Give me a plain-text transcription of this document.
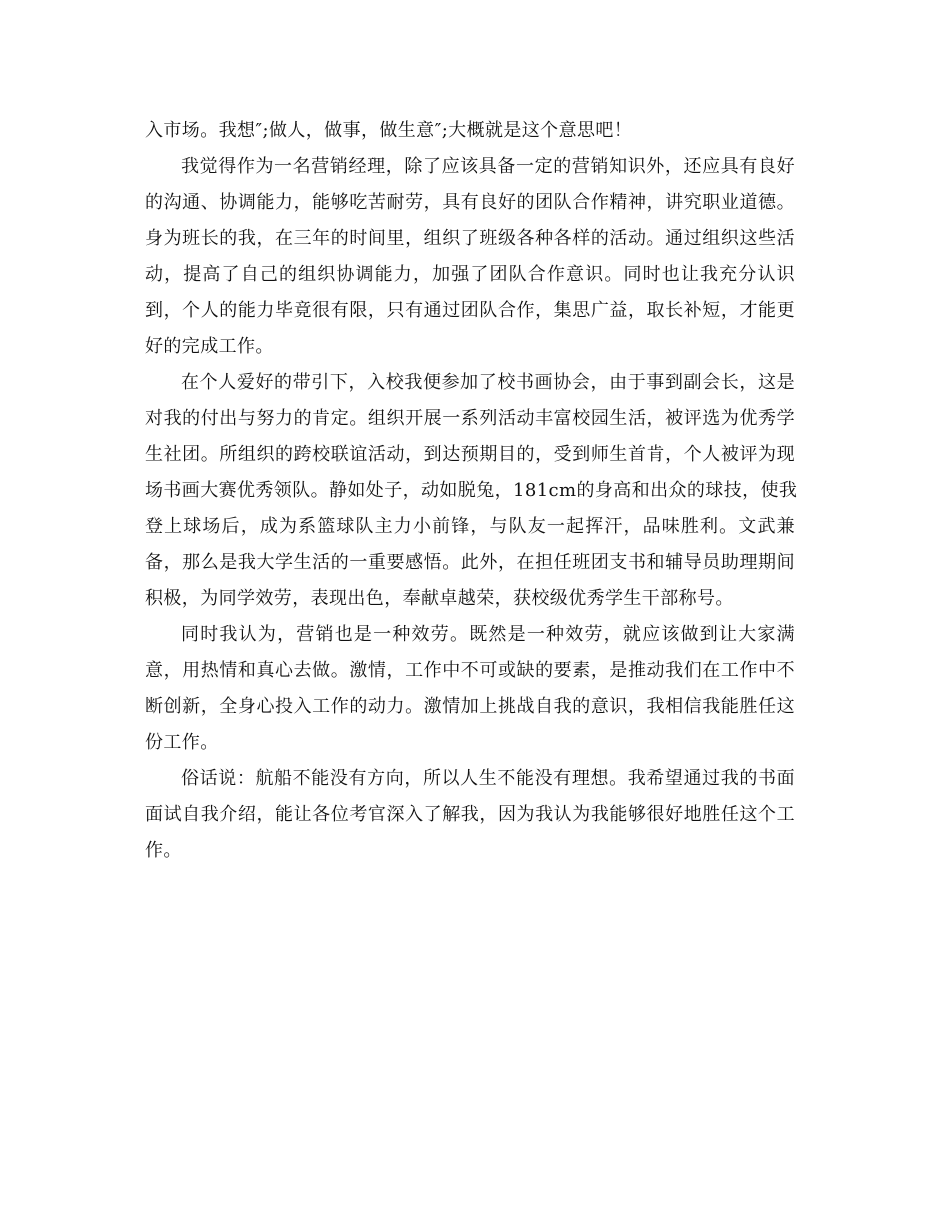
入市场。我想″;做人，做事，做生意″;大概就是这个意思吧！
我觉得作为一名营销经理，除了应该具备一定的营销知识外，还应具有良好
的沟通、协调能力，能够吃苦耐劳，具有良好的团队合作精神，讲究职业道德。
身为班长的我，在三年的时间里，组织了班级各种各样的活动。通过组织这些活
动，提高了自己的组织协调能力，加强了团队合作意识。同时也让我充分认识
到，个人的能力毕竟很有限，只有通过团队合作，集思广益，取长补短，才能更
好的完成工作。
在个人爱好的带引下，入校我便参加了校书画协会，由于事到副会长，这是
对我的付出与努力的肯定。组织开展一系列活动丰富校园生活，被评选为优秀学
生社团。所组织的跨校联谊活动，到达预期目的，受到师生首肯，个人被评为现
场书画大赛优秀领队。静如处子，动如脱兔，181cm的身高和出众的球技，使我
登上球场后，成为系篮球队主力小前锋，与队友一起挥汗，品味胜利。文武兼
备，那么是我大学生活的一重要感悟。此外，在担任班团支书和辅导员助理期间
积极，为同学效劳，表现出色，奉献卓越荣，获校级优秀学生干部称号。
同时我认为，营销也是一种效劳。既然是一种效劳，就应该做到让大家满
意，用热情和真心去做。激情，工作中不可或缺的要素，是推动我们在工作中不
断创新，全身心投入工作的动力。激情加上挑战自我的意识，我相信我能胜任这
份工作。
俗话说：航船不能没有方向，所以人生不能没有理想。我希望通过我的书面
面试自我介绍，能让各位考官深入了解我，因为我认为我能够很好地胜任这个工
作。
